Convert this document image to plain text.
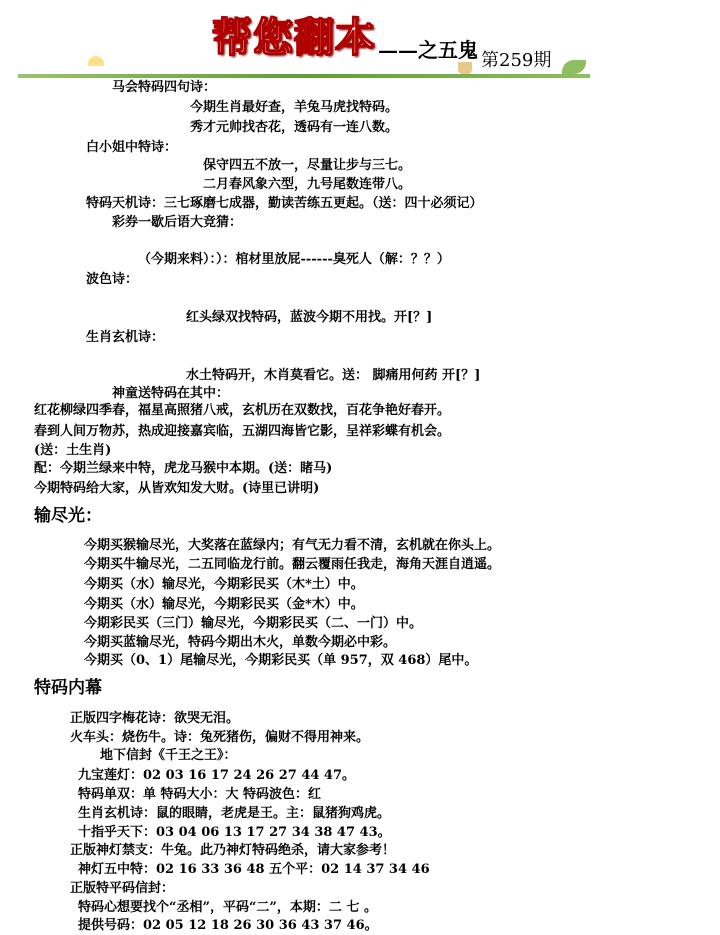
帮您翻本 ——之五鬼 第259期
马会特码四句诗：
今期生肖最好查，羊兔马虎找特码。
秀才元帅找杏花，透码有一连八数。
白小姐中特诗：
保守四五不放一，尽量让步与三七。
二月春风象六型，九号尾数连带八。
特码天机诗：三七琢磨七成器，勤读苦练五更起。（送：四十必须记）
彩券一歇后语大竞猜：
（今期来料）：）：棺材里放屁------臭死人（解：？？）
波色诗：
红头绿双找特码，蓝波今期不用找。开[？]
生肖玄机诗：
水土特码开，木肖莫看它。送： 脚痛用何药 开[？]
神童送特码在其中：
红花柳绿四季春，福星高照猪八戒，玄机历在双数找，百花争艳好春开。
春到人间万物苏，热成迎接嘉宾临，五湖四海皆它影，呈祥彩蝶有机会。
(送：土生肖)
配：今期兰绿来中特，虎龙马猴中本期。(送：睹马)
今期特码给大家，从皆欢知发大财。(诗里已讲明)
输尽光：
今期买猴输尽光，大奖落在蓝绿内；有气无力看不清，玄机就在你头上。
今期买牛输尽光，二五同临龙行前。翻云覆雨任我走，海角天涯自逍遥。
今期买（水）输尽光，今期彩民买（木*土）中。
今期买（水）输尽光，今期彩民买（金*木）中。
今期彩民买（三门）输尽光，今期彩民买（二、一门）中。
今期买蓝输尽光，特码今期出木火，单数今期必中彩。
今期买（0、1）尾输尽光，今期彩民买（单 957，双 468）尾中。
特码内幕
正版四字梅花诗：欲哭无泪。
火车头：烧伤牛。诗：兔死猪伤，偏财不得用神来。
地下信封《千王之王》：
九宝莲灯：02 03 16 17 24 26 27 44 47。
特码单双：单 特码大小：大 特码波色：红
生肖玄机诗：鼠的眼睛，老虎是王。主：鼠猪狗鸡虎。
十指乎天下：03 04 06 13 17 27 34 38 47 43。
正版神灯禁支：牛兔。此乃神灯特码绝杀，请大家参考！
神灯五中特：02 16 33 36 48 五个平：02 14 37 34 46
正版特平码信封：
特码心想要找个“丞相”，平码“二”，本期：二 七 。
提供号码：02 05 12 18 26 30 36 43 37 46。
